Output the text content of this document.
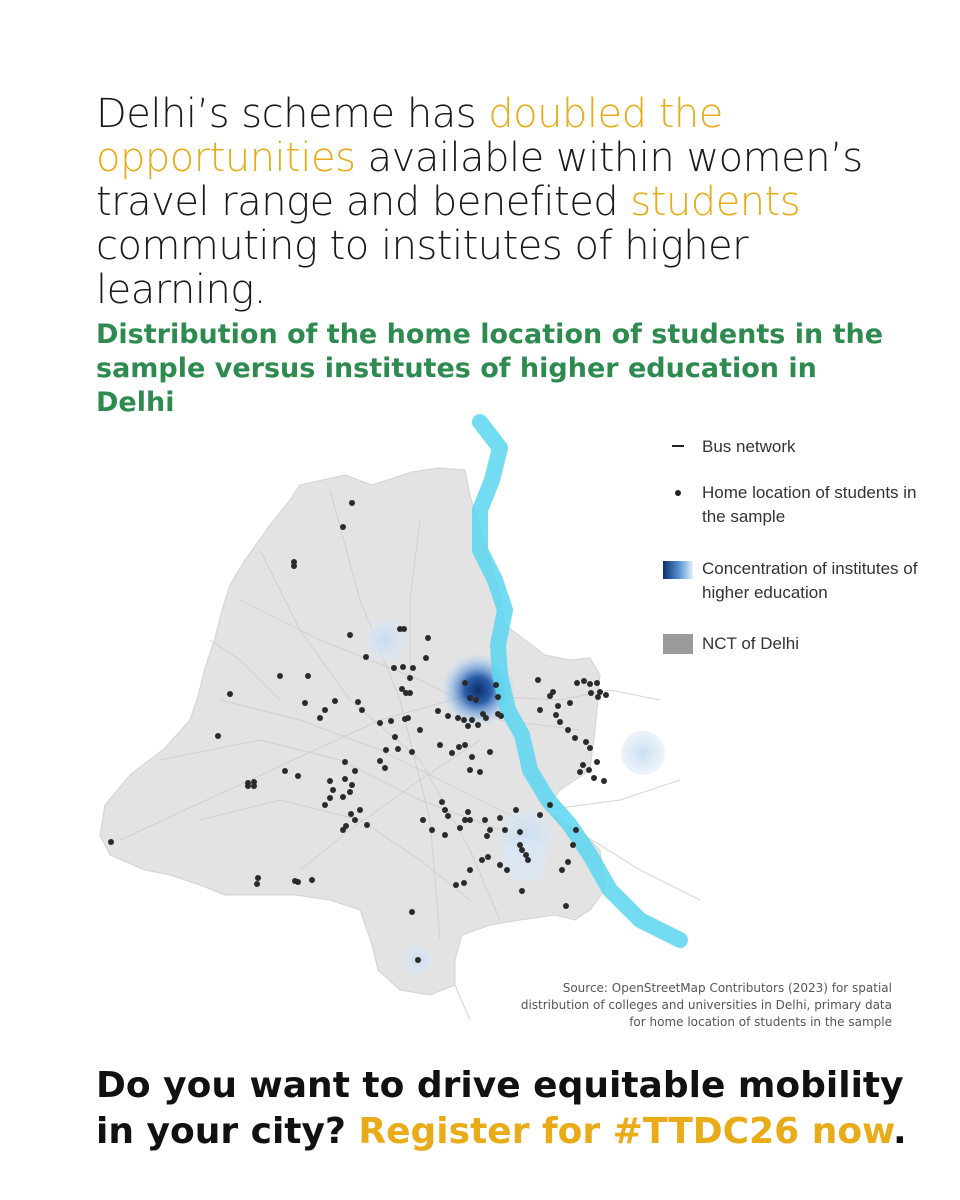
Delhi’s scheme has doubled the opportunities available within women’s travel range and benefited students commuting to institutes of higher learning.
Distribution of the home location of students in the sample versus institutes of higher education in Delhi
Bus network
Home location of students in the sample
Concentration of institutes of higher education
NCT of Delhi
Source: OpenStreetMap Contributors (2023) for spatial distribution of colleges and universities in Delhi, primary data for home location of students in the sample

Do you want to drive equitable mobility in your city? Register for #TTDC26 now.
